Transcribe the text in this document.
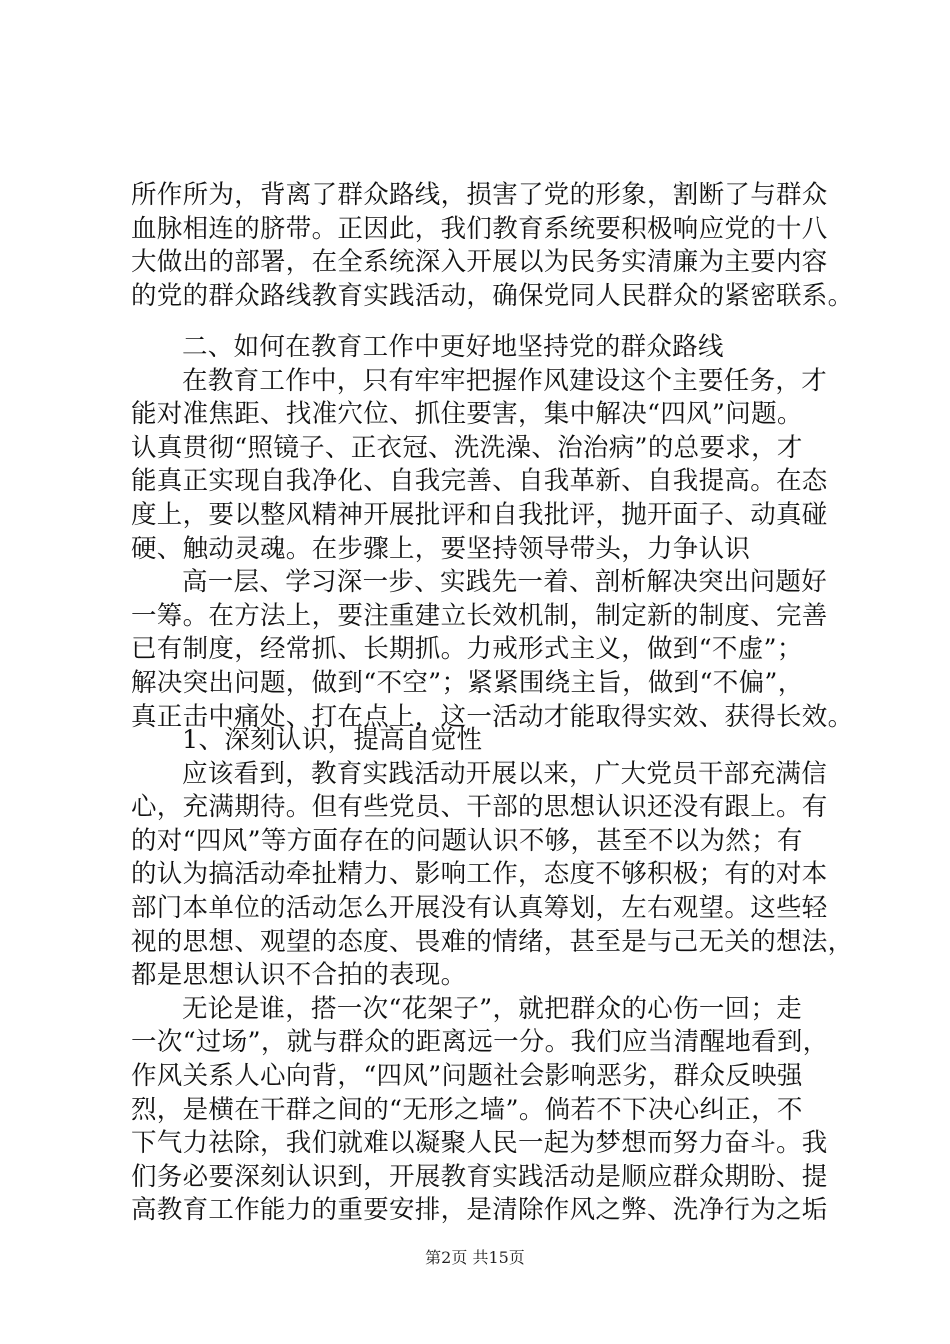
所作所为，背离了群众路线，损害了党的形象，割断了与群众
血脉相连的脐带。正因此，我们教育系统要积极响应党的十八
大做出的部署，在全系统深入开展以为民务实清廉为主要内容
的党的群众路线教育实践活动，确保党同人民群众的紧密联系。
二、如何在教育工作中更好地坚持党的群众路线
在教育工作中，只有牢牢把握作风建设这个主要任务，才
能对准焦距、找准穴位、抓住要害，集中解决“四风”问题。
认真贯彻“照镜子、正衣冠、洗洗澡、治治病”的总要求，才
能真正实现自我净化、自我完善、自我革新、自我提高。在态
度上，要以整风精神开展批评和自我批评，抛开面子、动真碰
硬、触动灵魂。在步骤上，要坚持领导带头，力争认识
高一层、学习深一步、实践先一着、剖析解决突出问题好
一筹。在方法上，要注重建立长效机制，制定新的制度、完善
已有制度，经常抓、长期抓。力戒形式主义，做到“不虚”；
解决突出问题，做到“不空”；紧紧围绕主旨，做到“不偏”，
真正击中痛处、打在点上，这一活动才能取得实效、获得长效。
1、深刻认识，提高自觉性
应该看到，教育实践活动开展以来，广大党员干部充满信
心，充满期待。但有些党员、干部的思想认识还没有跟上。有
的对“四风”等方面存在的问题认识不够，甚至不以为然；有
的认为搞活动牵扯精力、影响工作，态度不够积极；有的对本
部门本单位的活动怎么开展没有认真筹划，左右观望。这些轻
视的思想、观望的态度、畏难的情绪，甚至是与己无关的想法，
都是思想认识不合拍的表现。
无论是谁，搭一次“花架子”，就把群众的心伤一回；走
一次“过场”，就与群众的距离远一分。我们应当清醒地看到，
作风关系人心向背，“四风”问题社会影响恶劣，群众反映强
烈，是横在干群之间的“无形之墙”。倘若不下决心纠正，不
下气力祛除，我们就难以凝聚人民一起为梦想而努力奋斗。我
们务必要深刻认识到，开展教育实践活动是顺应群众期盼、提
高教育工作能力的重要安排，是清除作风之弊、洗净行为之垢
第2页 共15页
